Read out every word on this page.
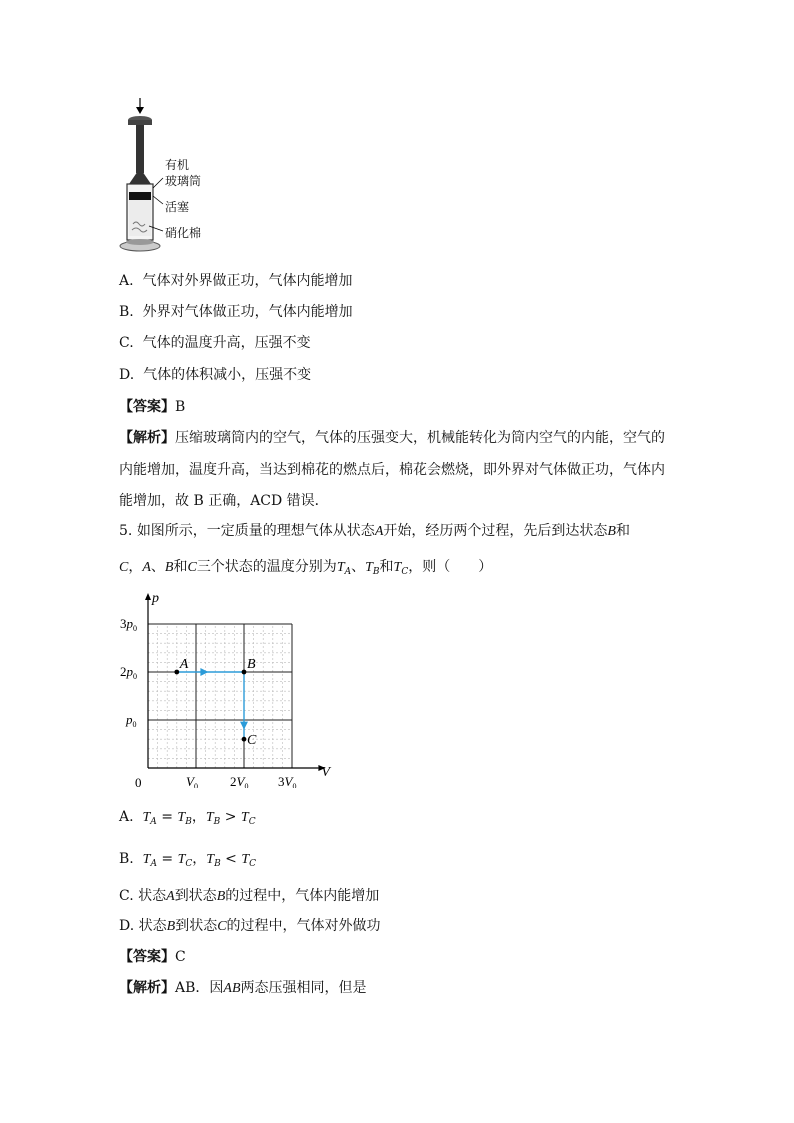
有机
玻璃筒
活塞
硝化棉
A. 气体对外界做正功，气体内能增加
B. 外界对气体做正功，气体内能增加
C. 气体的温度升高，压强不变
D. 气体的体积减小，压强不变
【答案】B
【解析】压缩玻璃筒内的空气，气体的压强变大，机械能转化为筒内空气的内能，空气的
内能增加，温度升高，当达到棉花的燃点后，棉花会燃烧，即外界对气体做正功，气体内
能增加，故 B 正确，ACD 错误．
5. 如图所示，一定质量的理想气体从状态A开始，经历两个过程，先后到达状态B和
C，A、B和C三个状态的温度分别为$T_A$、$T_B$和$T_C$，则（　　）
p
V
0
$3p_0$
$2p_0$
$p_0$
$V_0$ $2V_0$ $3V_0$
A	B
C
A. $T_A = T_B$，$T_B > T_C$
B. $T_A = T_C$，$T_B < T_C$
C. 状态A到状态B的过程中，气体内能增加
D. 状态B到状态C的过程中，气体对外做功
【答案】C
【解析】AB．因AB两态压强相同，但是
